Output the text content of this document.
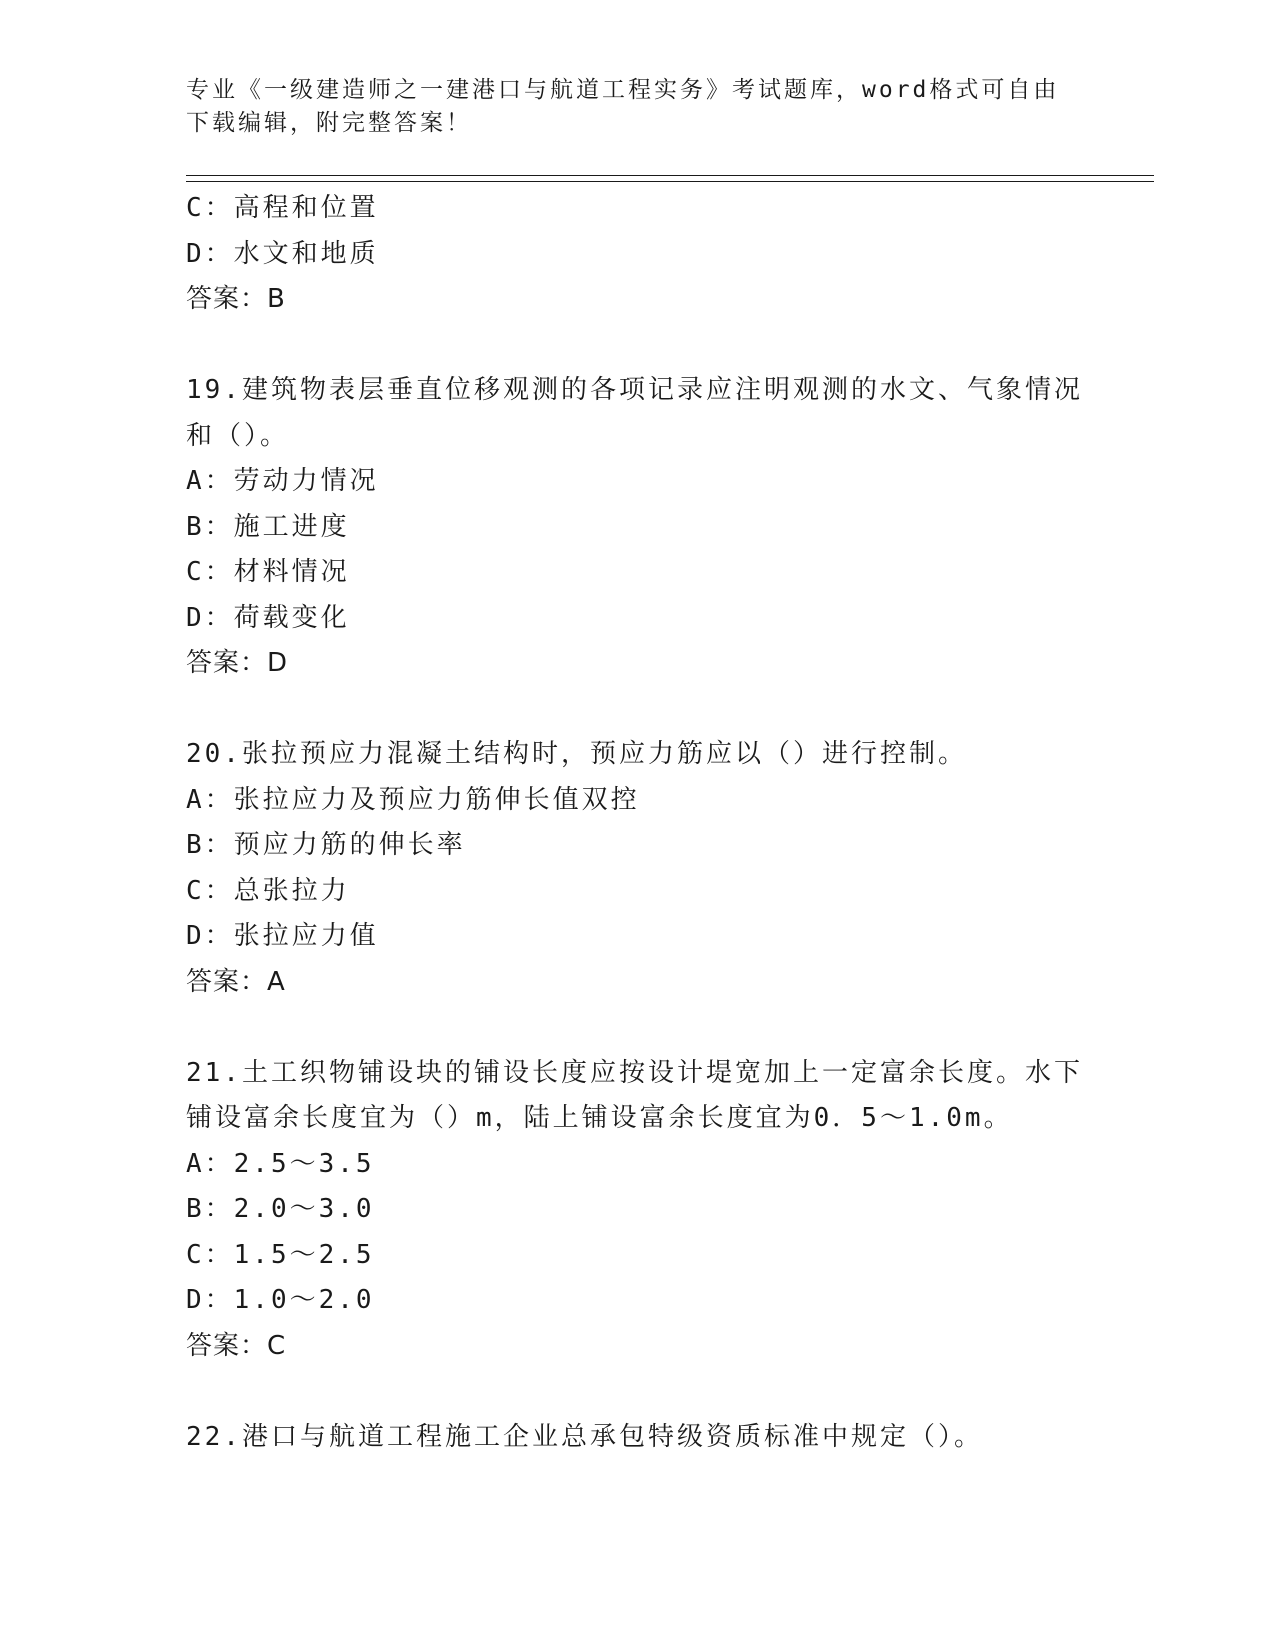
专业《一级建造师之一建港口与航道工程实务》考试题库，word格式可自由下载编辑，附完整答案！
C：高程和位置
D：水文和地质
答案：B
19.建筑物表层垂直位移观测的各项记录应注明观测的水文、气象情况和（）。
A：劳动力情况
B：施工进度
C：材料情况
D：荷载变化
答案：D
20.张拉预应力混凝土结构时，预应力筋应以（）进行控制。
A：张拉应力及预应力筋伸长值双控
B：预应力筋的伸长率
C：总张拉力
D：张拉应力值
答案：A
21.土工织物铺设块的铺设长度应按设计堤宽加上一定富余长度。水下铺设富余长度宜为（）m，陆上铺设富余长度宜为0．5～1.0m。
A：2.5～3.5
B：2.0～3.0
C：1.5～2.5
D：1.0～2.0
答案：C
22.港口与航道工程施工企业总承包特级资质标准中规定（）。
